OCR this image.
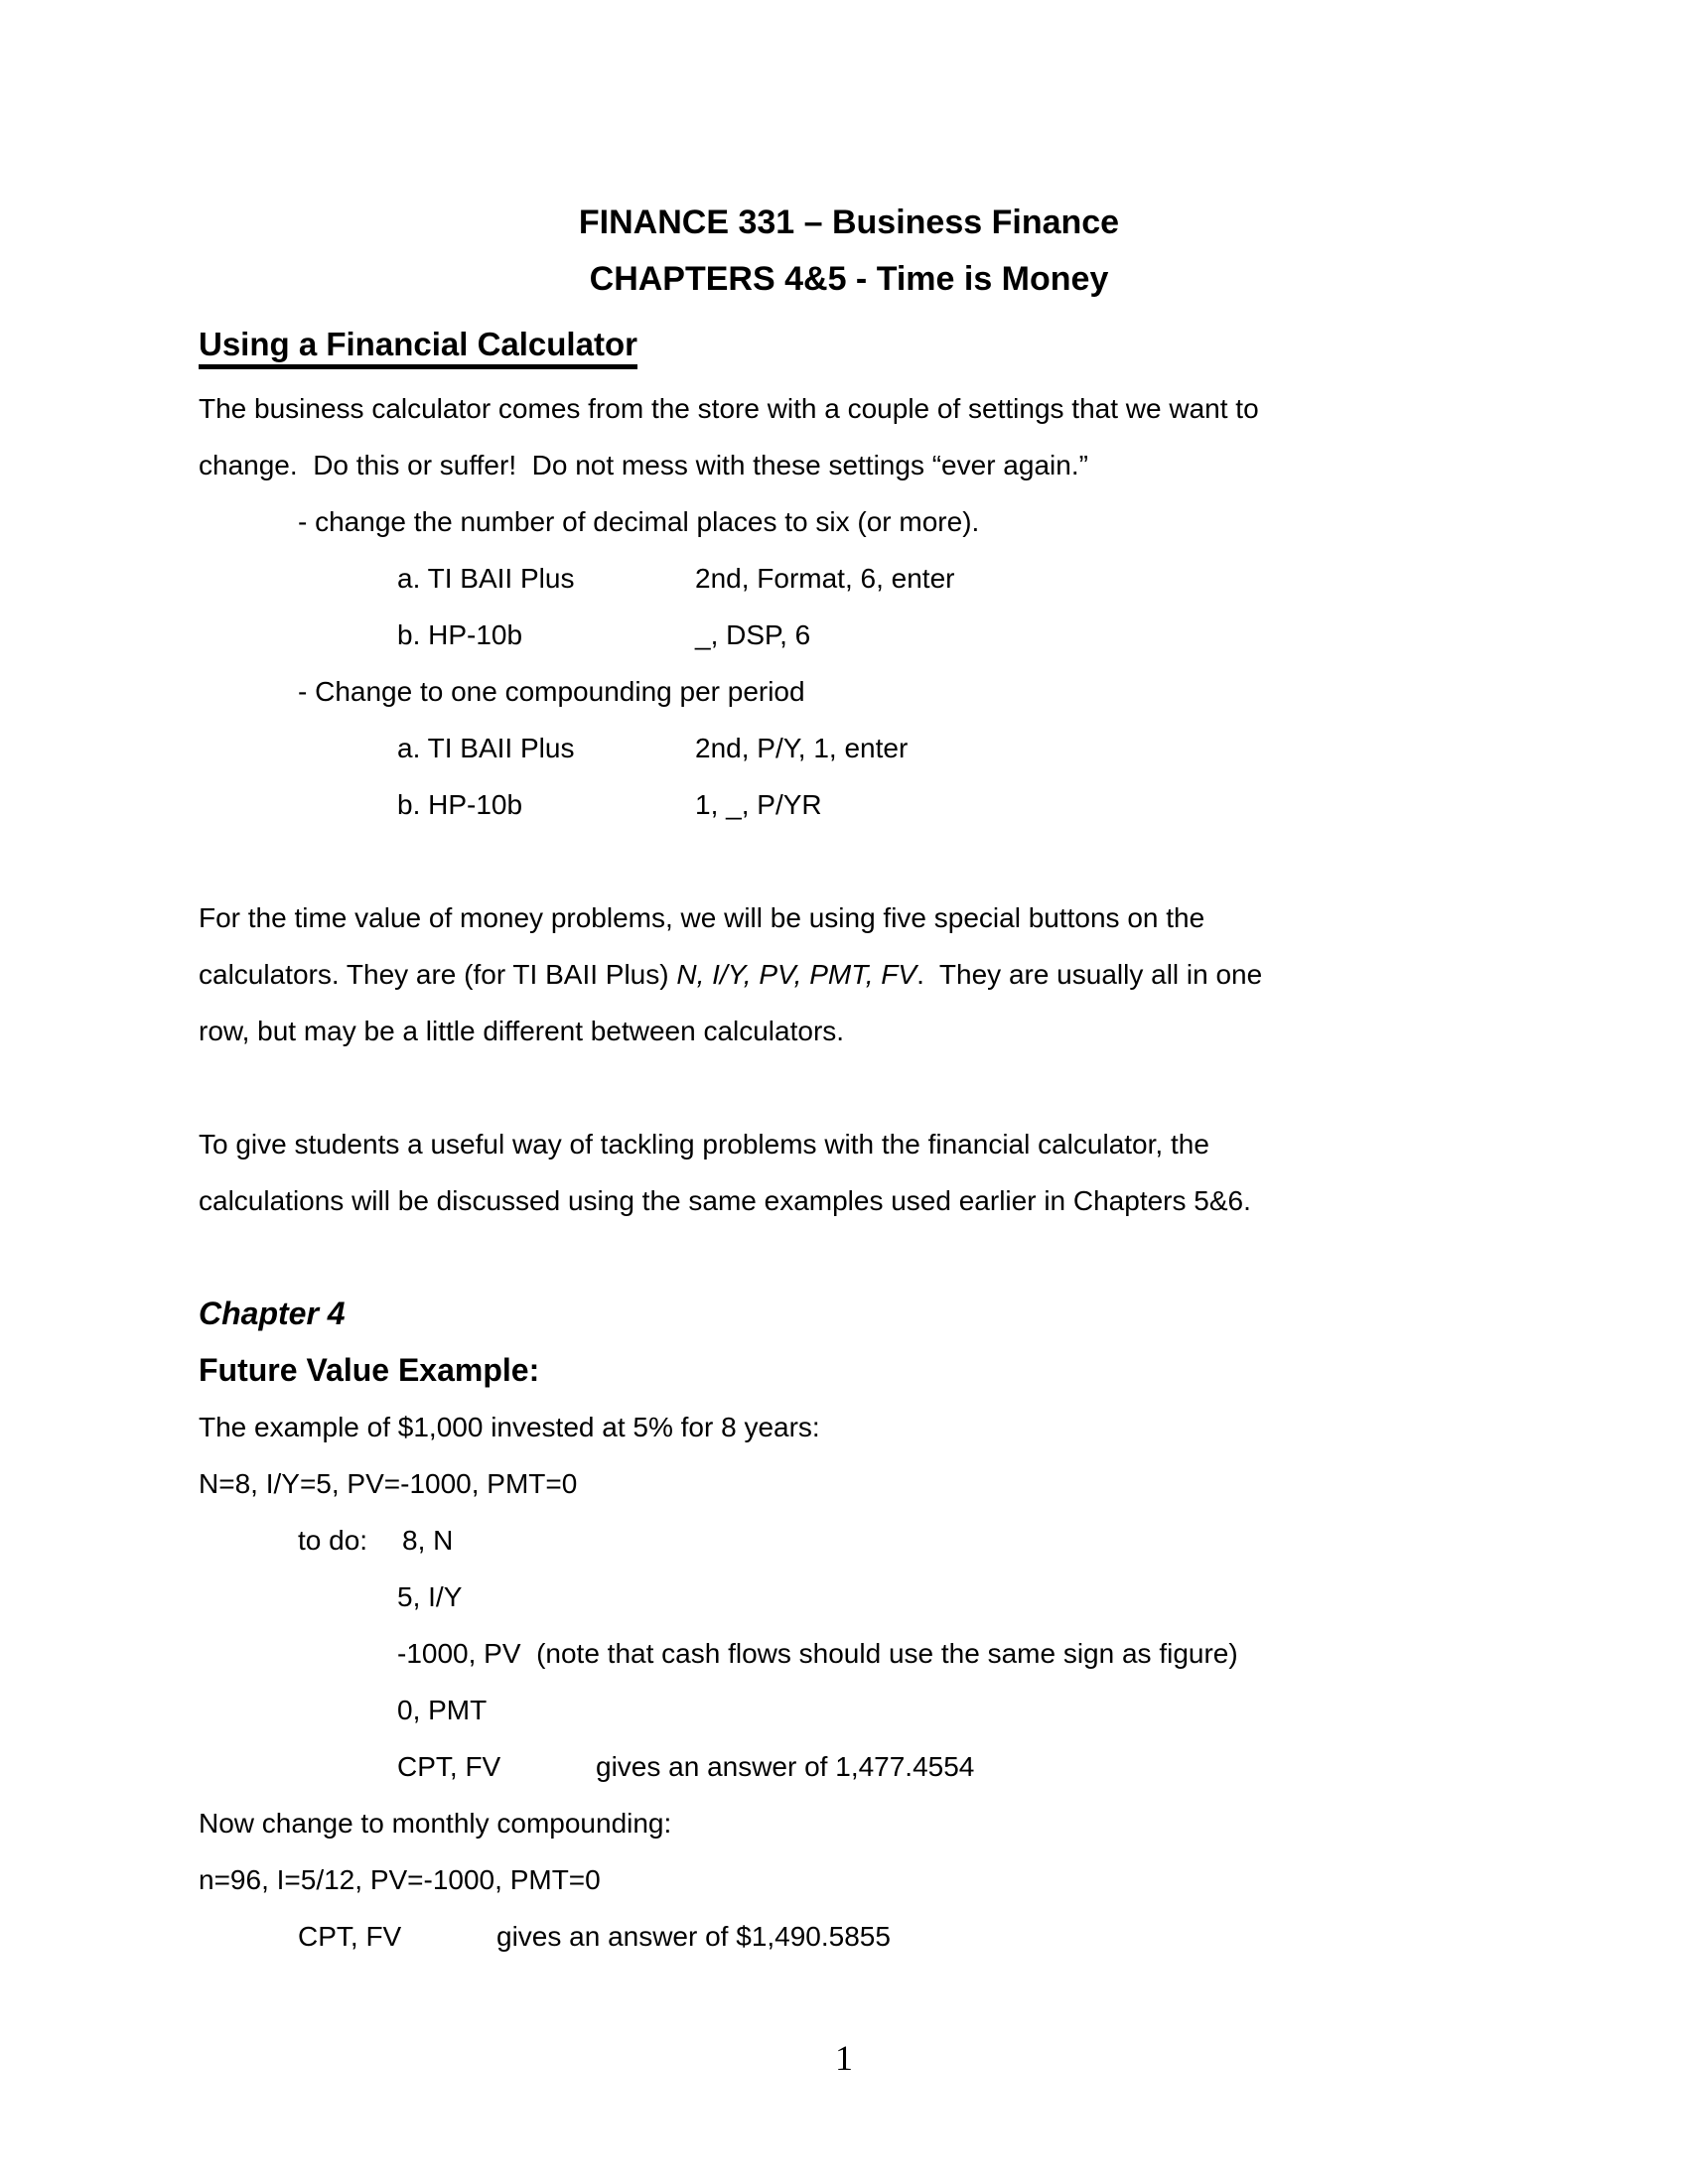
FINANCE 331 – Business Finance
CHAPTERS 4&5 - Time is Money
Using a Financial Calculator
The business calculator comes from the store with a couple of settings that we want to
change.  Do this or suffer!  Do not mess with these settings “ever again.”
- change the number of decimal places to six (or more).
a. TI BAII Plus	2nd, Format, 6, enter
b. HP-10b	_, DSP, 6
- Change to one compounding per period
a. TI BAII Plus	2nd, P/Y, 1, enter
b. HP-10b	1, _, P/YR
For the time value of money problems, we will be using five special buttons on the
calculators. They are (for TI BAII Plus) N, I/Y, PV, PMT, FV.  They are usually all in one
row, but may be a little different between calculators.
To give students a useful way of tackling problems with the financial calculator, the
calculations will be discussed using the same examples used earlier in Chapters 5&6.
Chapter 4
Future Value Example:
The example of $1,000 invested at 5% for 8 years:
N=8, I/Y=5, PV=-1000, PMT=0
to do: 8, N
5, I/Y
-1000, PV  (note that cash flows should use the same sign as figure)
0, PMT
CPT, FV	gives an answer of 1,477.4554
Now change to monthly compounding:
n=96, I=5/12, PV=-1000, PMT=0
CPT, FV	gives an answer of $1,490.5855
1
